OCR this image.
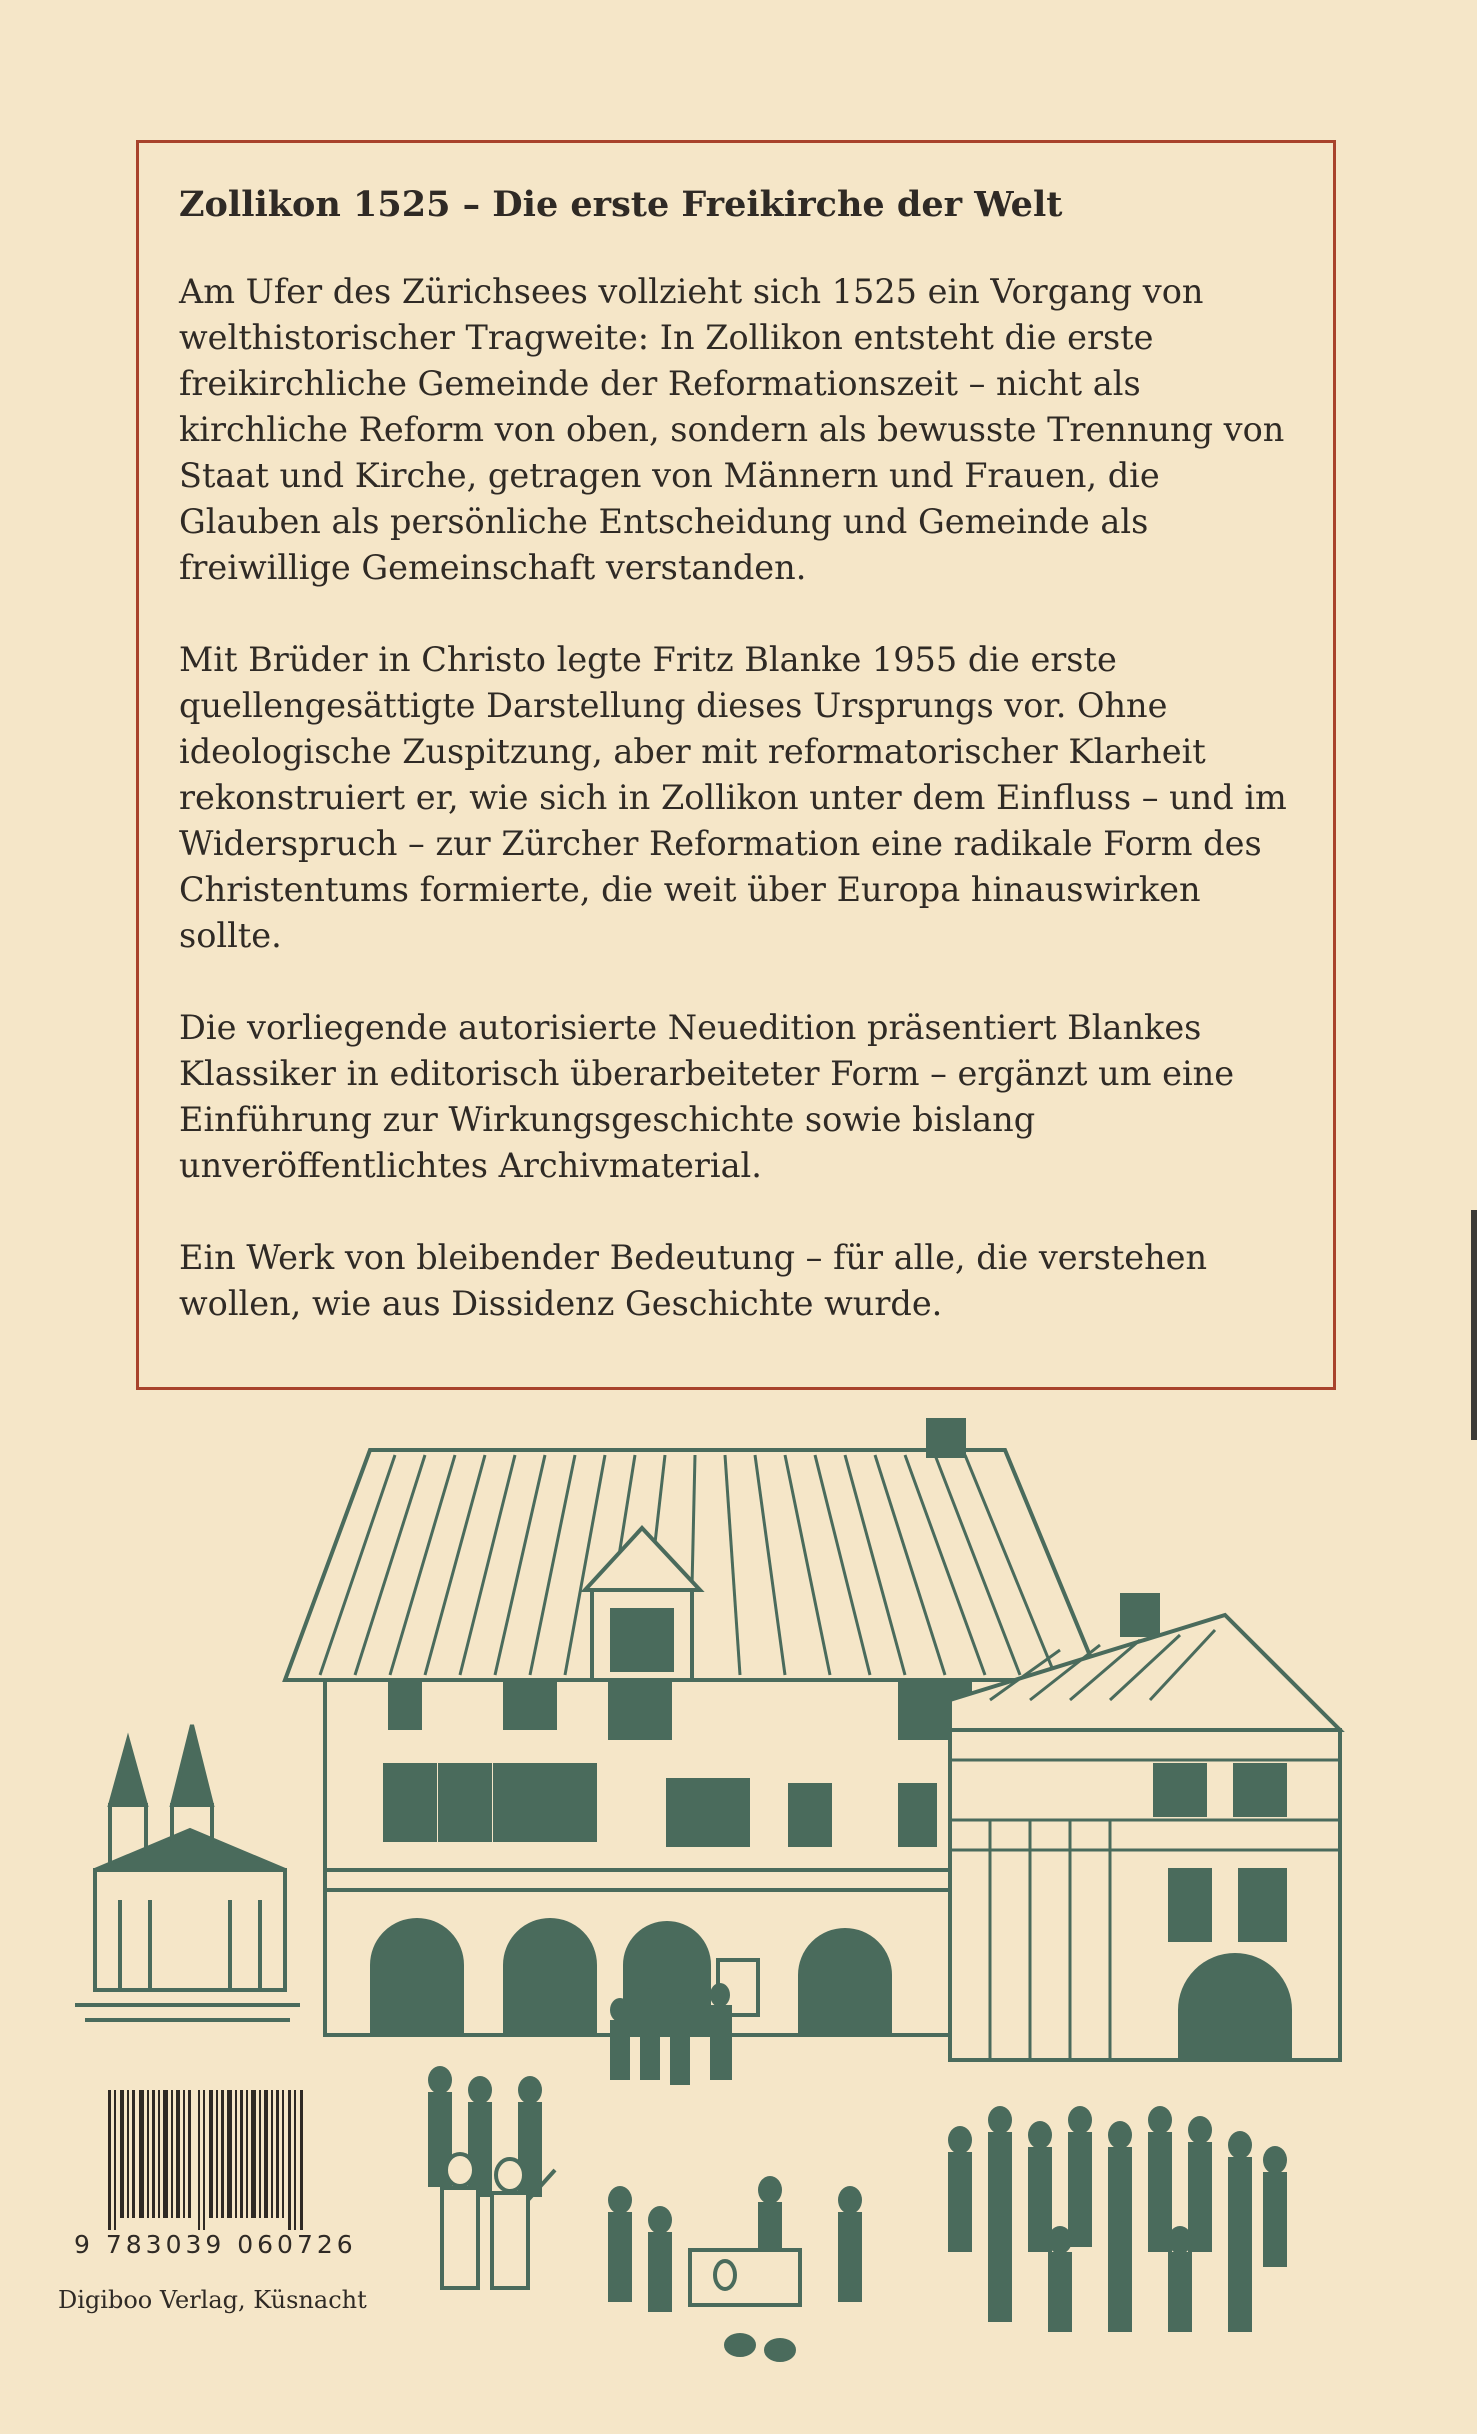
Zollikon 1525 – Die erste Freikirche der Welt

Am Ufer des Zürichsees vollzieht sich 1525 ein Vorgang von welthistorischer Tragweite: In Zollikon entsteht die erste freikirchliche Gemeinde der Reformationszeit – nicht als kirchliche Reform von oben, sondern als bewusste Trennung von Staat und Kirche, getragen von Männern und Frauen, die Glauben als persönliche Entscheidung und Gemeinde als freiwillige Gemeinschaft verstanden.

Mit Brüder in Christo legte Fritz Blanke 1955 die erste quellengesättigte Darstellung dieses Ursprungs vor. Ohne ideologische Zuspitzung, aber mit reformatorischer Klarheit rekonstruiert er, wie sich in Zollikon unter dem Einfluss – und im Widerspruch – zur Zürcher Reformation eine radikale Form des Christentums formierte, die weit über Europa hinauswirken sollte.

Die vorliegende autorisierte Neuedition präsentiert Blankes Klassiker in editorisch überarbeiteter Form – ergänzt um eine Einführung zur Wirkungsgeschichte sowie bislang unveröffentlichtes Archivmaterial.

Ein Werk von bleibender Bedeutung – für alle, die verstehen wollen, wie aus Dissidenz Geschichte wurde.

9 783039 060726
Digiboo Verlag, Küsnacht
